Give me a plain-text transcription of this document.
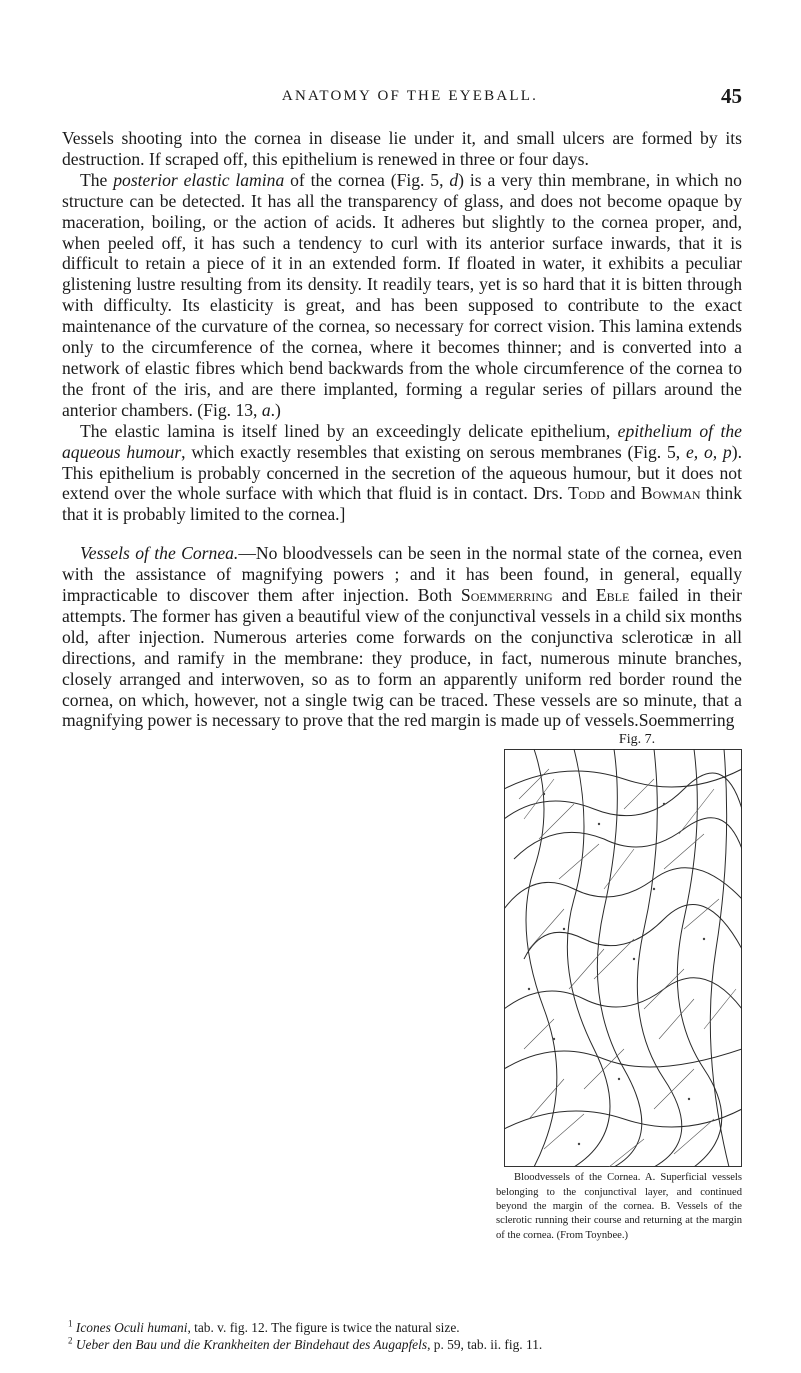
ANATOMY OF THE EYEBALL.	45

Vessels shooting into the cornea in disease lie under it, and small ulcers are formed by its destruction. If scraped off, this epithelium is renewed in three or four days.

The posterior elastic lamina of the cornea (Fig. 5, d) is a very thin membrane, in which no structure can be detected. It has all the transparency of glass, and does not become opaque by maceration, boiling, or the action of acids. It adheres but slightly to the cornea proper, and, when peeled off, it has such a tendency to curl with its anterior surface inwards, that it is difficult to retain a piece of it in an extended form. If floated in water, it exhibits a peculiar glistening lustre resulting from its density. It readily tears, yet is so hard that it is bitten through with difficulty. Its elasticity is great, and has been supposed to contribute to the exact maintenance of the curvature of the cornea, so necessary for correct vision. This lamina extends only to the circumference of the cornea, where it becomes thinner; and is converted into a network of elastic fibres which bend backwards from the whole circumference of the cornea to the front of the iris, and are there implanted, forming a regular series of pillars around the anterior chambers. (Fig. 13, a.)

The elastic lamina is itself lined by an exceedingly delicate epithelium, epithelium of the aqueous humour, which exactly resembles that existing on serous membranes (Fig. 5, e, o, p). This epithelium is probably concerned in the secretion of the aqueous humour, but it does not extend over the whole surface with which that fluid is in contact. Drs. Todd and Bowman think that it is probably limited to the cornea.]

Vessels of the Cornea.—No bloodvessels can be seen in the normal state of the cornea, even with the assistance of magnifying powers ; and it has been found, in general, equally impracticable to discover them after injection. Both Soemmerring and Eble failed in their attempts. The former has given a beautiful view of the conjunctival vessels in a child six months old, after injection. Numerous arteries come forwards on the conjunctiva scleroticæ in all directions, and ramify in the membrane: they produce, in fact, numerous minute branches, closely arranged and interwoven, so as to form an apparently uniform red border round the cornea, on which, however, not a single twig can be traced. These vessels are so minute, that a magnifying power is necessary to prove that the red margin is made up of vessels.
Fig. 7.
Bloodvessels of the Cornea. A. Superficial vessels belonging to the conjunctival layer, and continued beyond the margin of the cornea. B. Vessels of the sclerotic running their course and returning at the margin of the cornea. (From Toynbee.)
Soemmerring

$^1$ Icones Oculi humani, tab. v. fig. 12. The figure is twice the natural size.
$^2$ Ueber den Bau und die Krankheiten der Bindehaut des Augapfels, p. 59, tab. ii. fig. 11.
